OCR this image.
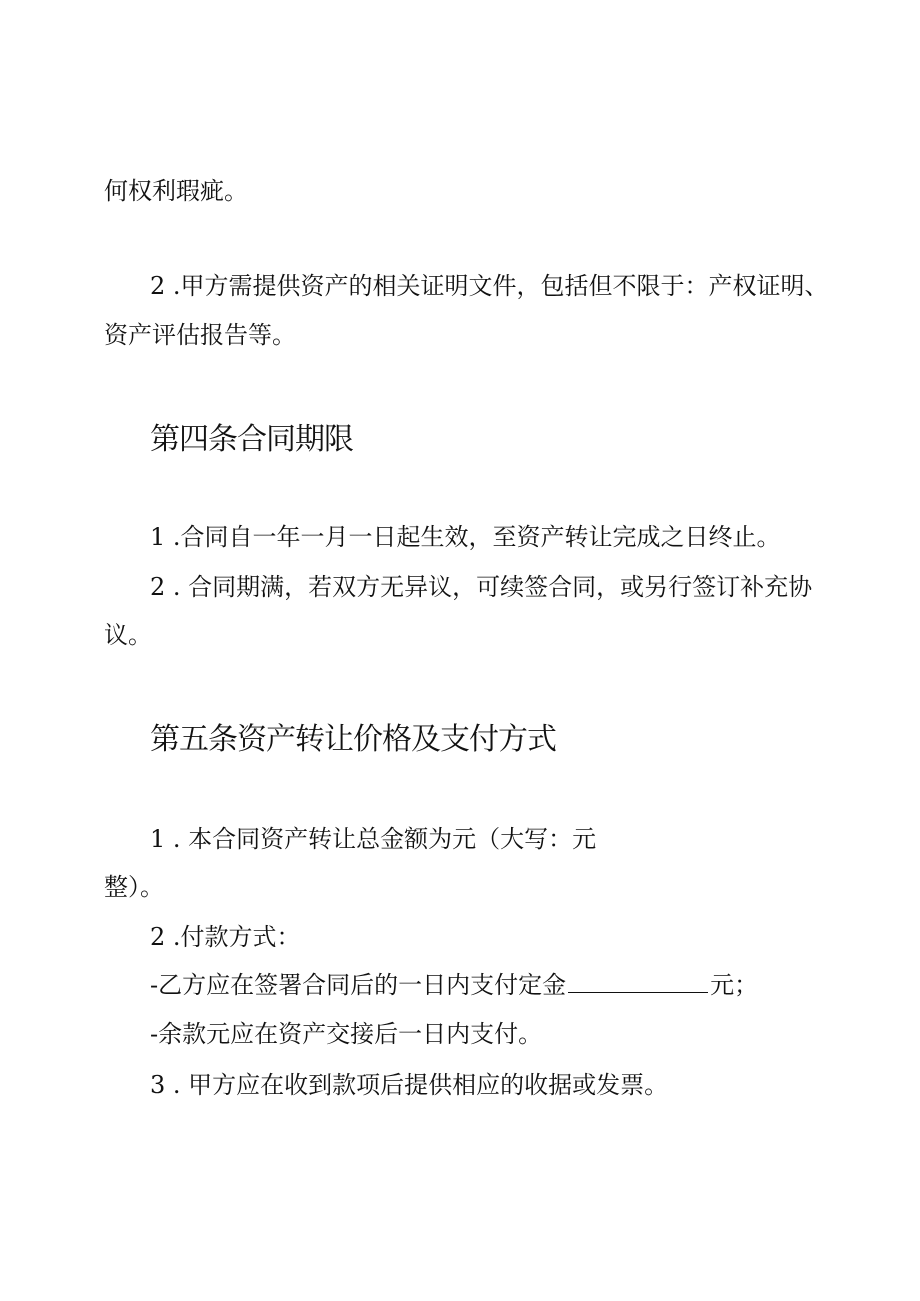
何权利瑕疵。
2 .甲方需提供资产的相关证明文件，包括但不限于：产权证明、
资产评估报告等。
第四条合同期限
1 .合同自一年一月一日起生效，至资产转让完成之日终止。
2 . 合同期满，若双方无异议，可续签合同，或另行签订补充协
议。
第五条资产转让价格及支付方式
1 . 本合同资产转让总金额为元（大写：元
整）。
2 .付款方式：
-乙方应在签署合同后的一日内支付定金	元；
-余款元应在资产交接后一日内支付。
3 . 甲方应在收到款项后提供相应的收据或发票。
